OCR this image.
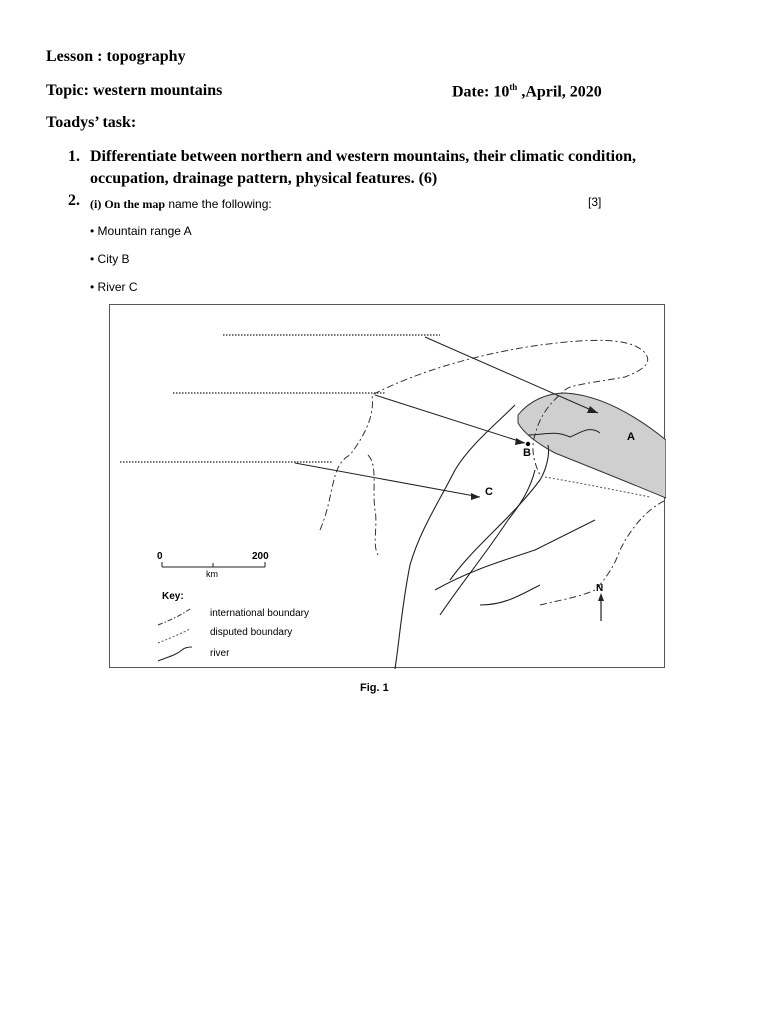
Lesson : topography
Topic: western mountains	Date: 10th ,April, 2020
Toadys’ task:
1. Differentiate between northern and western mountains, their climatic condition,
occupation, drainage pattern, physical features. (6)
2. (i) On the map name the following:	[3]
• Mountain range A
• City B
• River C
A
B
C
0	200
km
Key:
international boundary
disputed boundary
river
N
Fig. 1
